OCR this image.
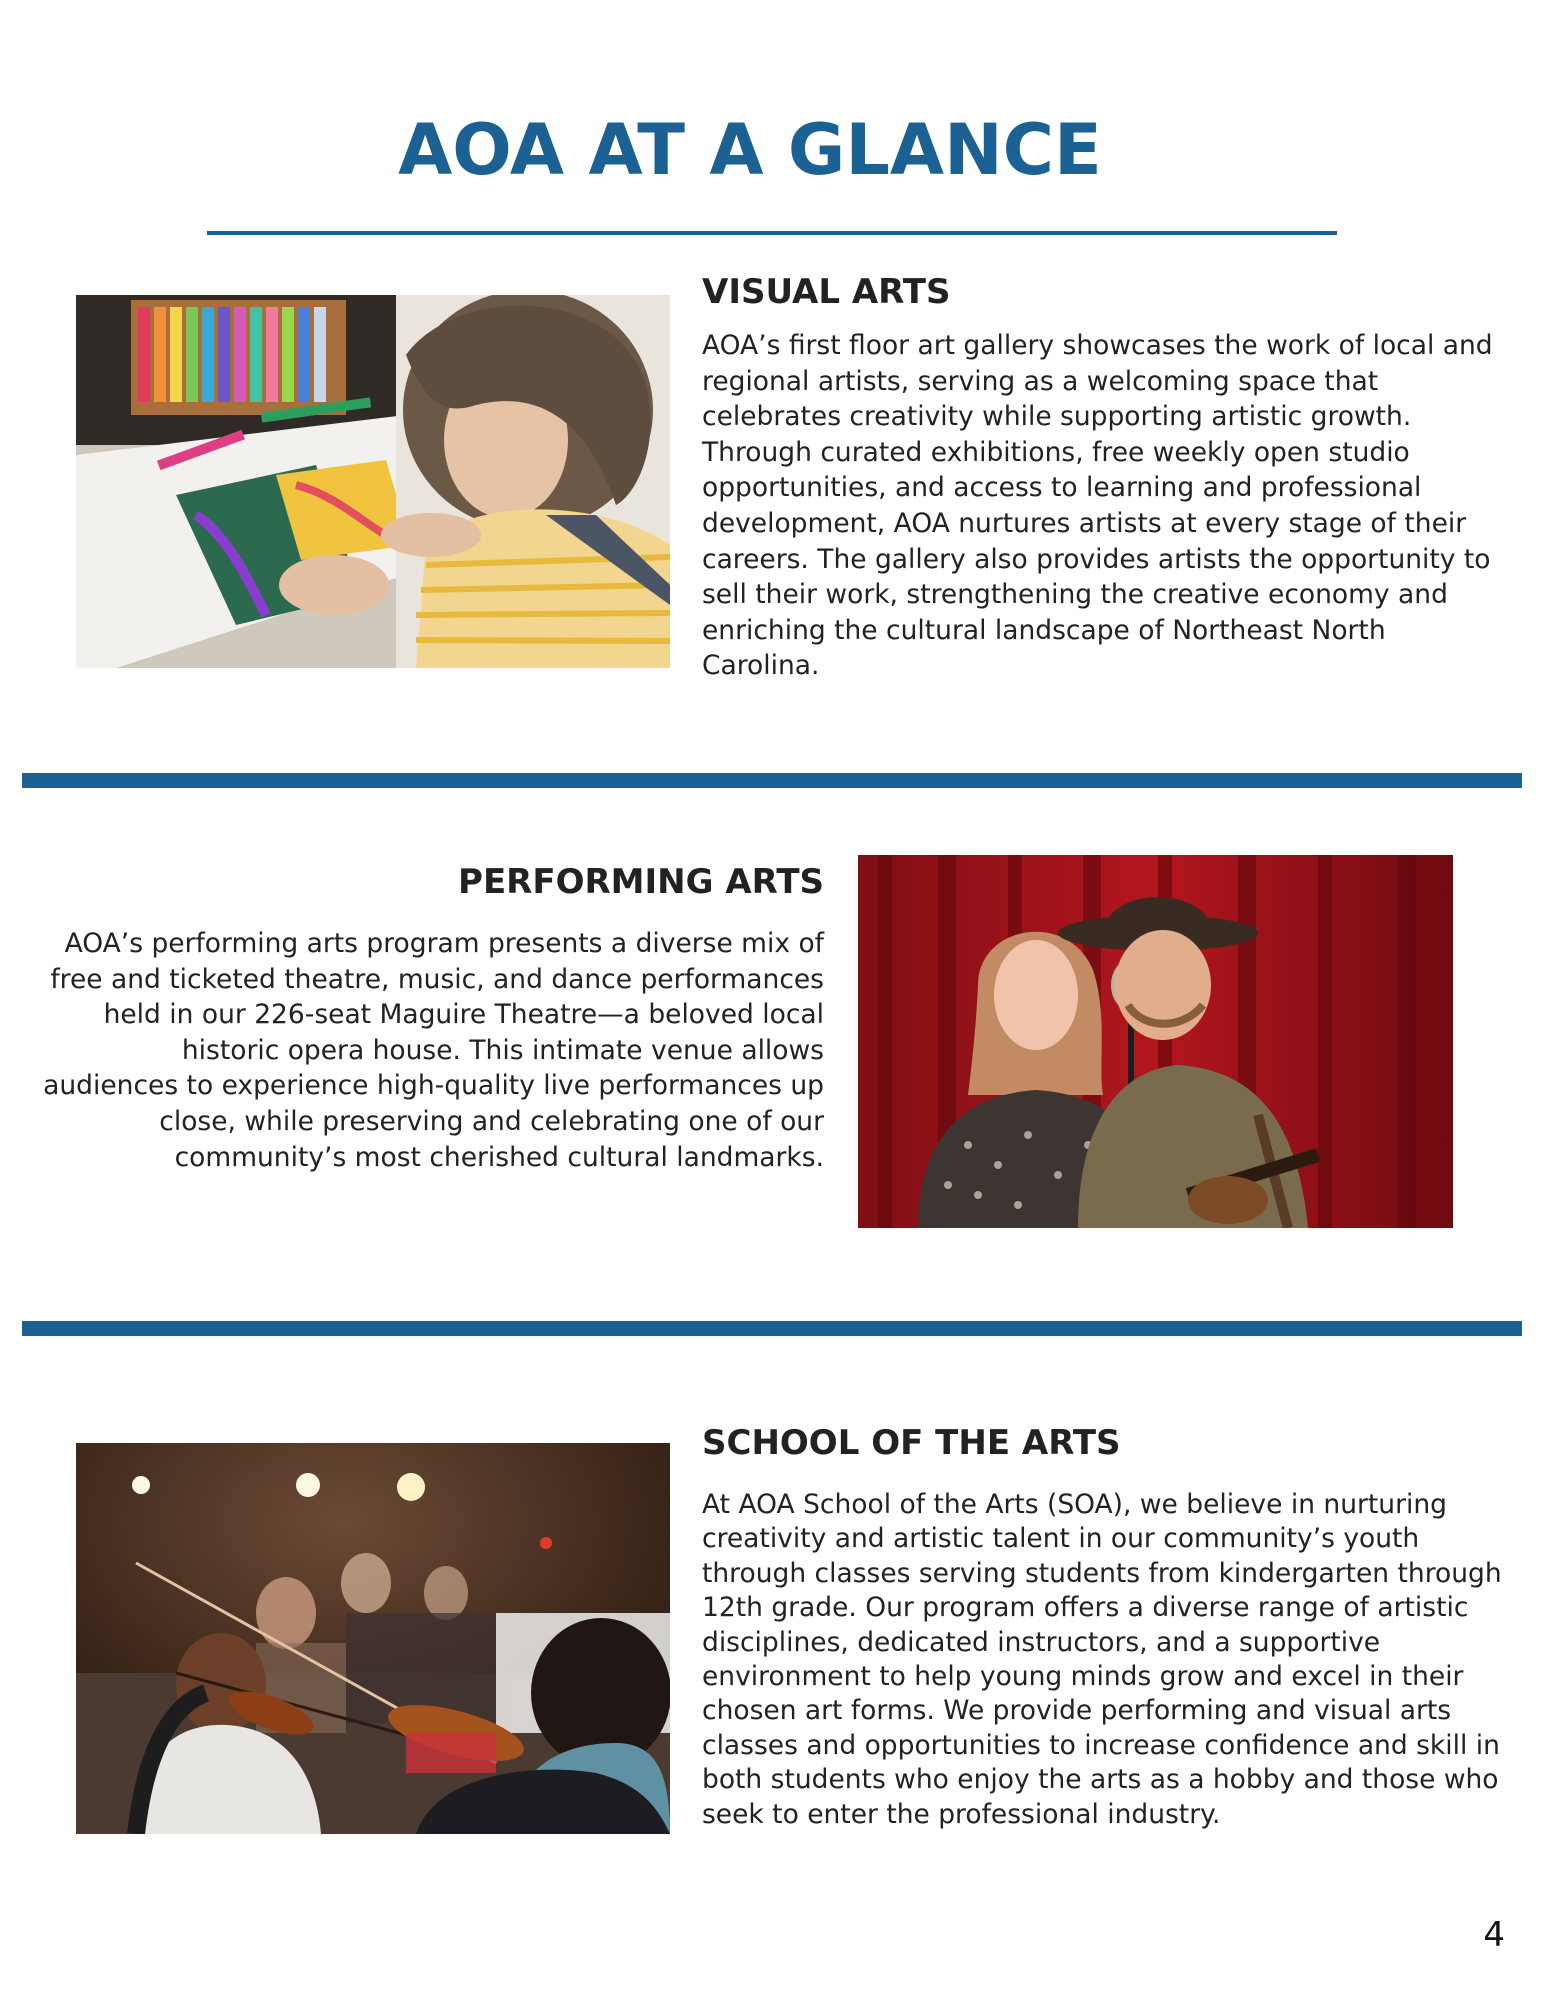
AOA AT A GLANCE
VISUAL ARTS

AOA’s first floor art gallery showcases the work of local and regional artists, serving as a welcoming space that celebrates creativity while supporting artistic growth. Through curated exhibitions, free weekly open studio opportunities, and access to learning and professional development, AOA nurtures artists at every stage of their careers. The gallery also provides artists the opportunity to sell their work, strengthening the creative economy and enriching the cultural landscape of Northeast North Carolina.

PERFORMING ARTS

AOA’s performing arts program presents a diverse mix of free and ticketed theatre, music, and dance performances held in our 226-seat Maguire Theatre—a beloved local historic opera house. This intimate venue allows audiences to experience high-quality live performances up close, while preserving and celebrating one of our community’s most cherished cultural landmarks.

SCHOOL OF THE ARTS

At AOA School of the Arts (SOA), we believe in nurturing creativity and artistic talent in our community’s youth through classes serving students from kindergarten through 12th grade. Our program offers a diverse range of artistic disciplines, dedicated instructors, and a supportive environment to help young minds grow and excel in their chosen art forms. We provide performing and visual arts classes and opportunities to increase confidence and skill in both students who enjoy the arts as a hobby and those who seek to enter the professional industry.

4
